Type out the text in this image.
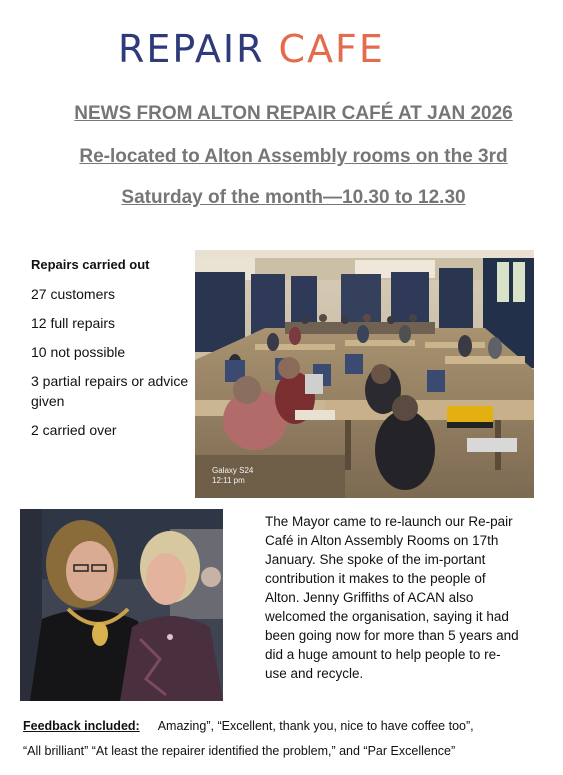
REPAIR CAFE
NEWS FROM ALTON REPAIR CAFÉ AT JAN 2026
Re-located to Alton Assembly rooms on the 3rd
Saturday of the month—10.30 to 12.30
Repairs carried out
27 customers
12 full repairs
10 not possible
3 partial repairs or advice given
2 carried over
Galaxy S24
12:11 pm
The Mayor came to re-launch our Re-pair Café in Alton Assembly Rooms on 17th January. She spoke of the im-portant contribution it makes to the people of Alton. Jenny Griffiths of ACAN also welcomed the organisation, saying it had been going now for more than 5 years and did a huge amount to help people to re-use and recycle.
Feedback included: Amazing”, “Excellent, thank you, nice to have coffee too”,
“All brilliant” “At least the repairer identified the problem,” and “Par Excellence”
